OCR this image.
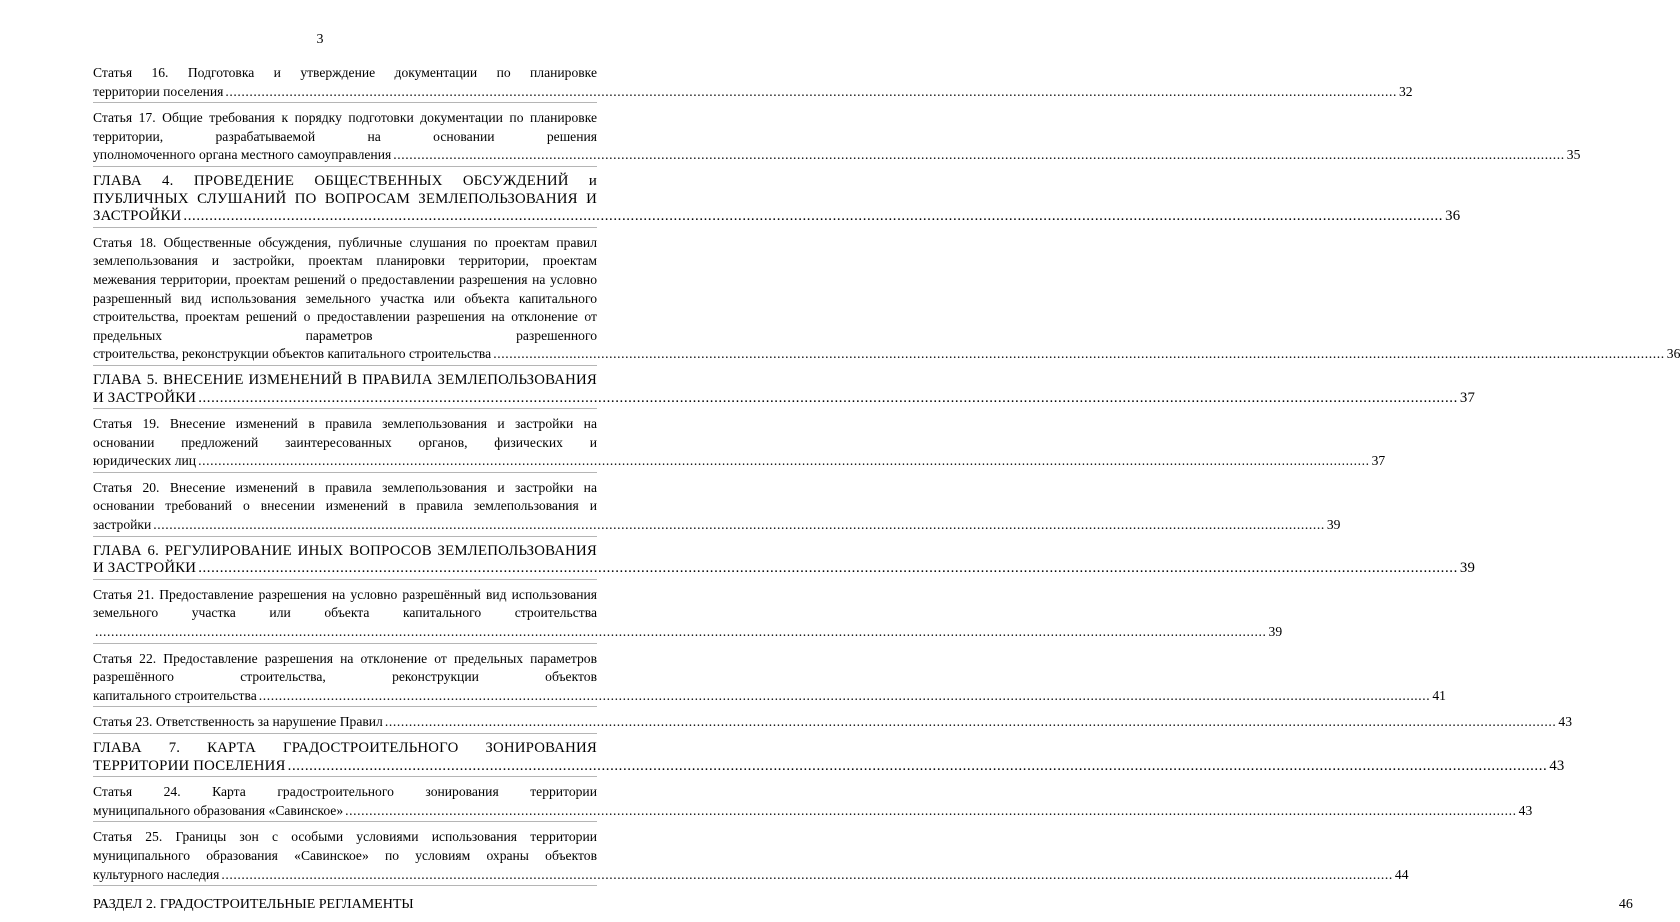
3
Статья 16. Подготовка и утверждение документации по планировке
территории поселения ..................................................................................................................................................................................................................................................................................................... 32
Статья 17. Общие требования к порядку подготовки документации по планировке территории, разрабатываемой на основании решения
уполномоченного органа местного самоуправления ..................................................................................................................................................................................................................................................................................................... 35
ГЛАВА 4. ПРОВЕДЕНИЕ ОБЩЕСТВЕННЫХ ОБСУЖДЕНИЙ и ПУБЛИЧНЫХ СЛУШАНИЙ ПО ВОПРОСАМ ЗЕМЛЕПОЛЬЗОВАНИЯ И
ЗАСТРОЙКИ ..................................................................................................................................................................................................................................................................................................... 36
Статья 18. Общественные обсуждения, публичные слушания по проектам правил землепользования и застройки, проектам планировки территории, проектам межевания территории, проектам решений о предоставлении разрешения на условно разрешенный вид использования земельного участка или объекта капитального строительства, проектам решений о предоставлении разрешения на отклонение от предельных параметров разрешенного
строительства, реконструкции объектов капитального строительства ..................................................................................................................................................................................................................................................................................................... 36
ГЛАВА 5. ВНЕСЕНИЕ ИЗМЕНЕНИЙ В ПРАВИЛА ЗЕМЛЕПОЛЬЗОВАНИЯ
И ЗАСТРОЙКИ ..................................................................................................................................................................................................................................................................................................... 37
Статья 19. Внесение изменений в правила землепользования и застройки на основании предложений заинтересованных органов, физических и
юридических лиц ..................................................................................................................................................................................................................................................................................................... 37
Статья 20. Внесение изменений в правила землепользования и застройки на основании требований о внесении изменений в правила землепользования и
застройки ..................................................................................................................................................................................................................................................................................................... 39
ГЛАВА 6. РЕГУЛИРОВАНИЕ ИНЫХ ВОПРОСОВ ЗЕМЛЕПОЛЬЗОВАНИЯ
И ЗАСТРОЙКИ ..................................................................................................................................................................................................................................................................................................... 39
Статья 21. Предоставление разрешения на условно разрешённый вид использования земельного участка или объекта капитального строительства
..................................................................................................................................................................................................................................................................................................... 39
Статья 22. Предоставление разрешения на отклонение от предельных параметров разрешённого строительства, реконструкции объектов
капитального строительства ..................................................................................................................................................................................................................................................................................................... 41
Статья 23. Ответственность за нарушение Правил ..................................................................................................................................................................................................................................................................................................... 43
ГЛАВА 7. КАРТА ГРАДОСТРОИТЕЛЬНОГО ЗОНИРОВАНИЯ
ТЕРРИТОРИИ ПОСЕЛЕНИЯ ..................................................................................................................................................................................................................................................................................................... 43
Статья 24. Карта градостроительного зонирования территории
муниципального образования «Савинское» ..................................................................................................................................................................................................................................................................................................... 43
Статья 25. Границы зон с особыми условиями использования территории муниципального образования «Савинское» по условиям охраны объектов
культурного наследия ..................................................................................................................................................................................................................................................................................................... 44
РАЗДЕЛ 2. ГРАДОСТРОИТЕЛЬНЫЕ РЕГЛАМЕНТЫ	46
